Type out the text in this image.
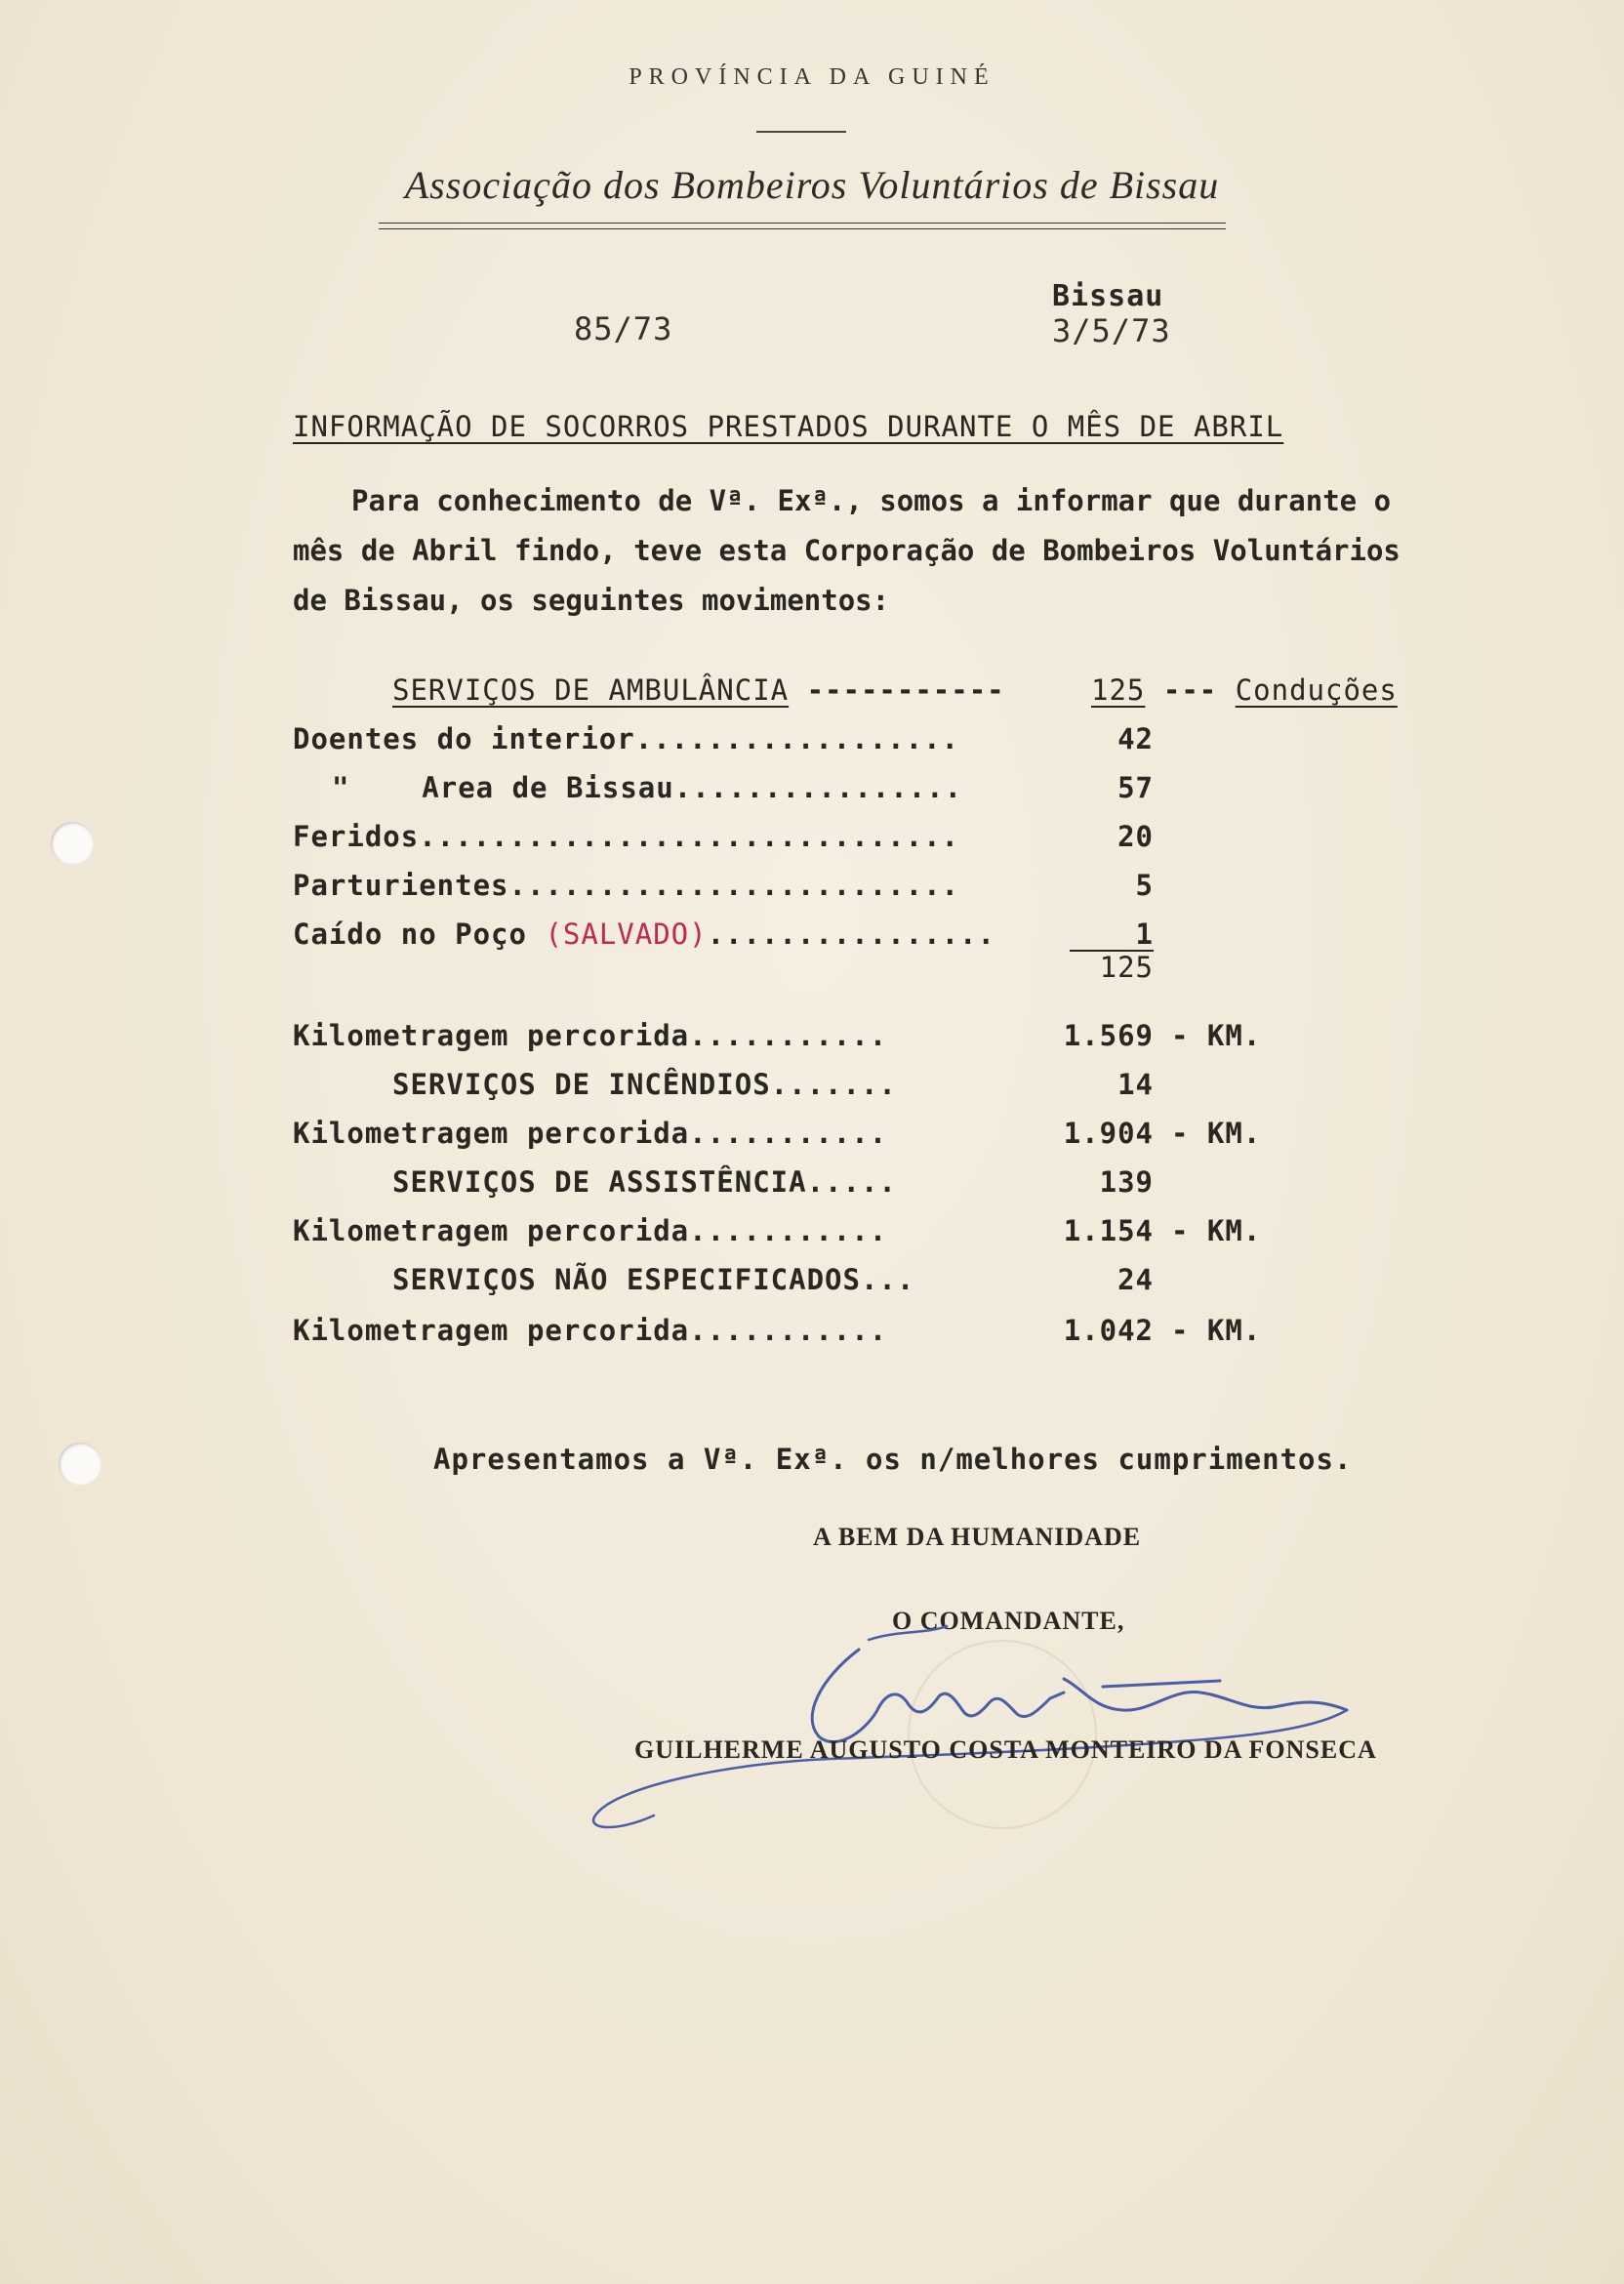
PROVÍNCIA DA GUINÉ
Associação dos Bombeiros Voluntários de Bissau
85/73
Bissau
3/5/73
INFORMAÇÃO DE SOCORROS PRESTADOS DURANTE O MÊS DE ABRIL
Para conhecimento de Vª. Exª., somos a informar que durante o
mês de Abril findo, teve esta Corporação de Bombeiros Voluntários
de Bissau, os seguintes movimentos:
SERVIÇOS DE AMBULÂNCIA -----------	125 --- Conduções
Doentes do interior..................	42
"    Area de Bissau................	57
Feridos..............................	20
Parturientes.........................	5
Caído no Poço (SALVADO)................	1
125
Kilometragem percorida...........	1.569 - KM.
SERVIÇOS DE INCÊNDIOS.......	14
Kilometragem percorida...........	1.904 - KM.
SERVIÇOS DE ASSISTÊNCIA.....	139
Kilometragem percorida...........	1.154 - KM.
SERVIÇOS NÃO ESPECIFICADOS...	24
Kilometragem percorida...........	1.042 - KM.
Apresentamos a Vª. Exª. os n/melhores cumprimentos.
A BEM DA HUMANIDADE
O COMANDANTE,
GUILHERME AUGUSTO COSTA MONTEIRO DA FONSECA
